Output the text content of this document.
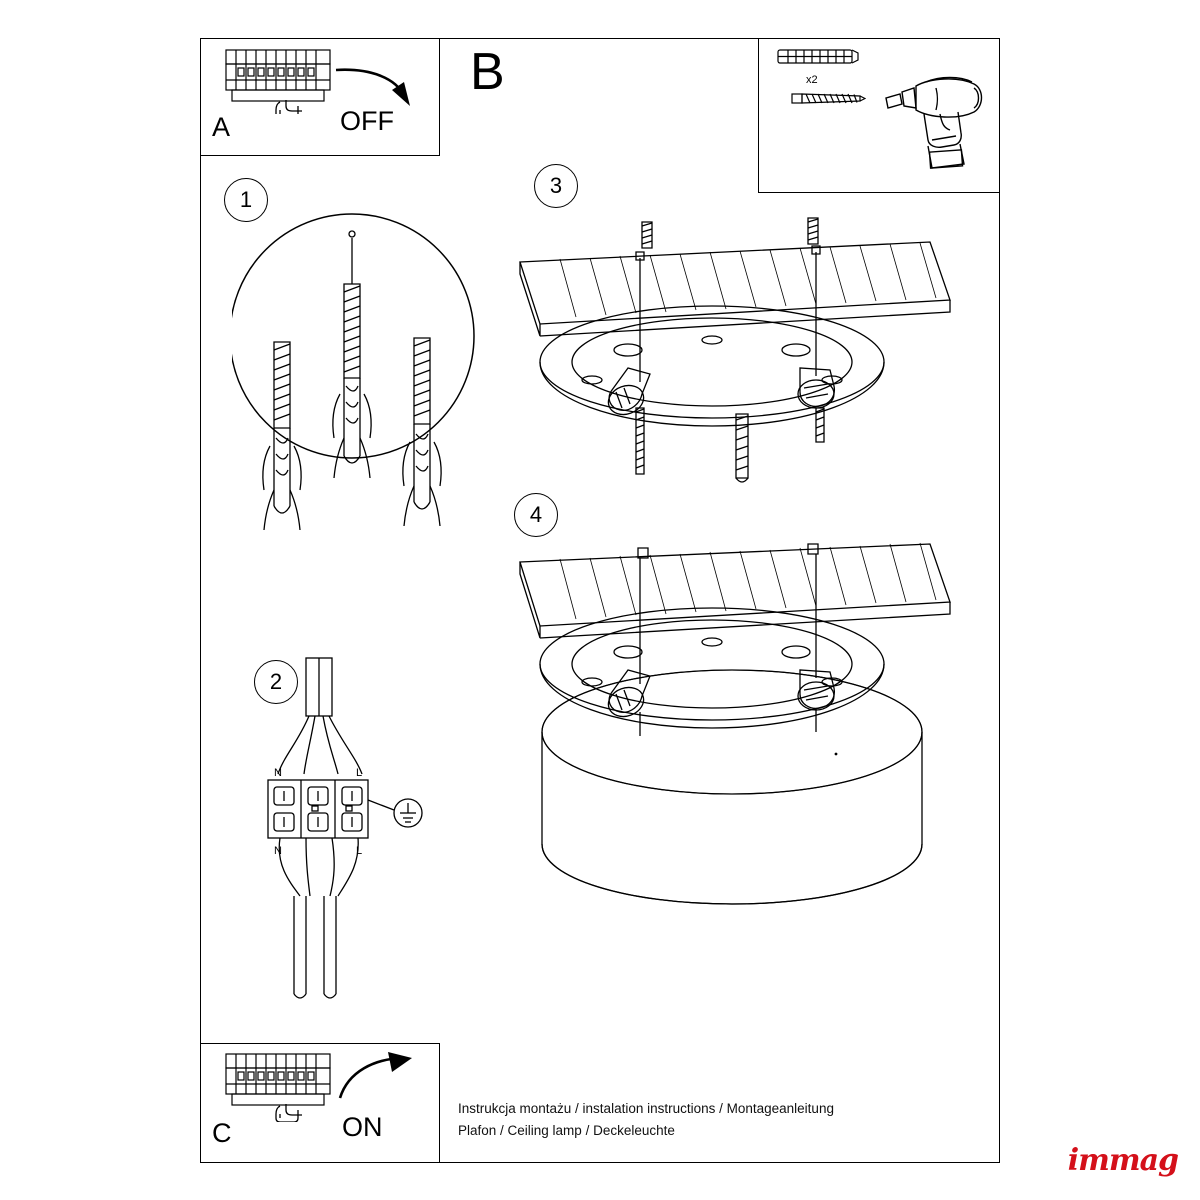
A	OFF
B	x2
1
2
N	L
N	L
3
4
C	ON
Instrukcja montażu / instalation instructions / Montageanleitung
Plafon / Ceiling lamp / Deckeleuchte
immag
